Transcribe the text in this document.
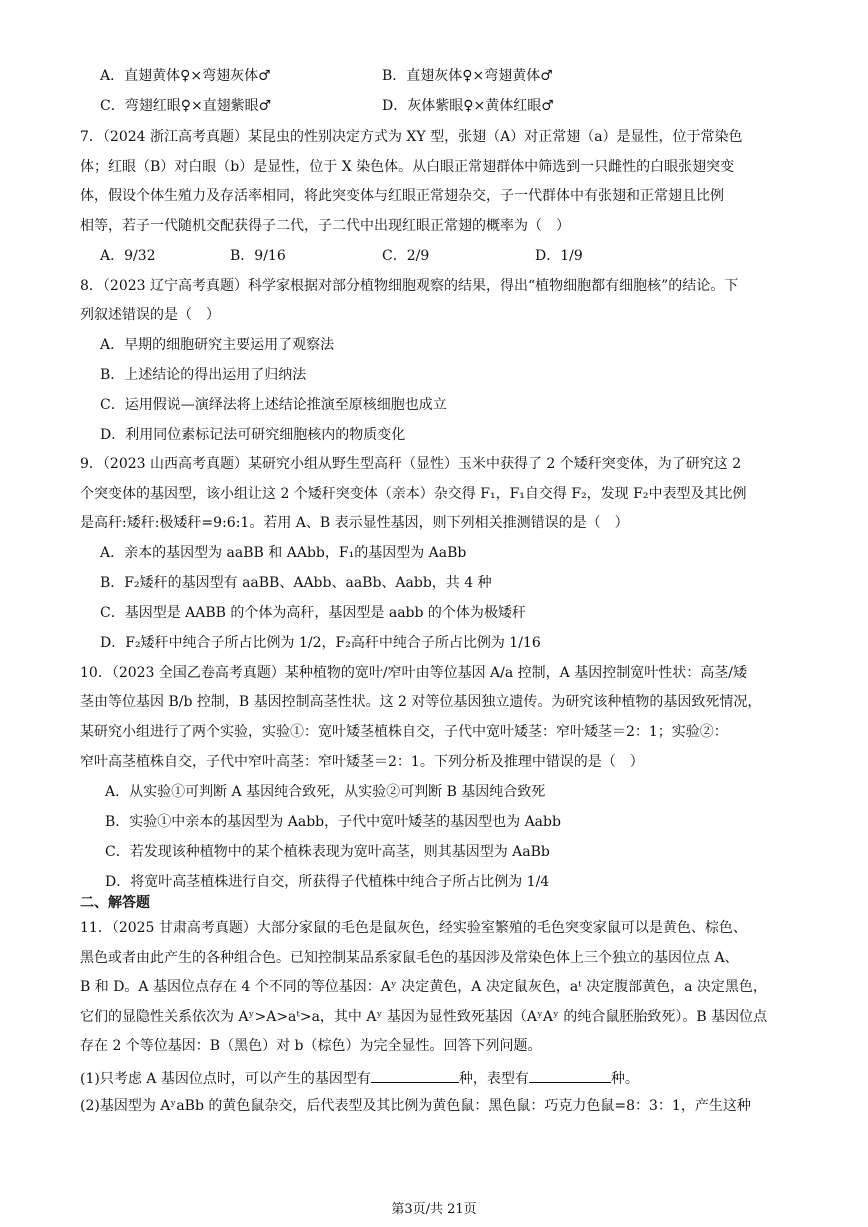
A．直翅黄体♀×弯翅灰体♂	B．直翅灰体♀×弯翅黄体♂
C．弯翅红眼♀×直翅紫眼♂	D．灰体紫眼♀×黄体红眼♂
7．（2024 浙江高考真题）某昆虫的性别决定方式为 XY 型，张翅（A）对正常翅（a）是显性，位于常染色
体；红眼（B）对白眼（b）是显性，位于 X 染色体。从白眼正常翅群体中筛选到一只雌性的白眼张翅突变
体，假设个体生殖力及存活率相同，将此突变体与红眼正常翅杂交，子一代群体中有张翅和正常翅且比例
相等，若子一代随机交配获得子二代，子二代中出现红眼正常翅的概率为（　）
A．9/32	B．9/16	C．2/9	D．1/9
8．（2023 辽宁高考真题）科学家根据对部分植物细胞观察的结果，得出“植物细胞都有细胞核”的结论。下
列叙述错误的是（　）
A．早期的细胞研究主要运用了观察法
B．上述结论的得出运用了归纳法
C．运用假说—演绎法将上述结论推演至原核细胞也成立
D．利用同位素标记法可研究细胞核内的物质变化
9．（2023 山西高考真题）某研究小组从野生型高秆（显性）玉米中获得了 2 个矮秆突变体，为了研究这 2
个突变体的基因型，该小组让这 2 个矮秆突变体（亲本）杂交得 F₁，F₁自交得 F₂，发现 F₂中表型及其比例
是高秆:矮秆:极矮秆=9:6:1。若用 A、B 表示显性基因，则下列相关推测错误的是（　）
A．亲本的基因型为 aaBB 和 AAbb，F₁的基因型为 AaBb
B．F₂矮秆的基因型有 aaBB、AAbb、aaBb、Aabb，共 4 种
C．基因型是 AABB 的个体为高秆，基因型是 aabb 的个体为极矮秆
D．F₂矮秆中纯合子所占比例为 1/2，F₂高秆中纯合子所占比例为 1/16
10．（2023 全国乙卷高考真题）某种植物的宽叶/窄叶由等位基因 A/a 控制，A 基因控制宽叶性状：高茎/矮
茎由等位基因 B/b 控制，B 基因控制高茎性状。这 2 对等位基因独立遗传。为研究该种植物的基因致死情况，
某研究小组进行了两个实验，实验①：宽叶矮茎植株自交，子代中宽叶矮茎：窄叶矮茎＝2：1；实验②：
窄叶高茎植株自交，子代中窄叶高茎：窄叶矮茎＝2：1。下列分析及推理中错误的是（　）
A．从实验①可判断 A 基因纯合致死，从实验②可判断 B 基因纯合致死
B．实验①中亲本的基因型为 Aabb，子代中宽叶矮茎的基因型也为 Aabb
C．若发现该种植物中的某个植株表现为宽叶高茎，则其基因型为 AaBb
D．将宽叶高茎植株进行自交，所获得子代植株中纯合子所占比例为 1/4
二、解答题
11．（2025 甘肃高考真题）大部分家鼠的毛色是鼠灰色，经实验室繁殖的毛色突变家鼠可以是黄色、棕色、
黑色或者由此产生的各种组合色。已知控制某品系家鼠毛色的基因涉及常染色体上三个独立的基因位点 A、
B 和 D。A 基因位点存在 4 个不同的等位基因：Aʸ 决定黄色，A 决定鼠灰色，aᵗ 决定腹部黄色，a 决定黑色，
它们的显隐性关系依次为 Aʸ>A>aᵗ>a，其中 Aʸ 基因为显性致死基因（AʸAʸ 的纯合鼠胚胎致死）。B 基因位点
存在 2 个等位基因：B（黑色）对 b（棕色）为完全显性。回答下列问题。
(1)只考虑 A 基因位点时，可以产生的基因型有	种，表型有	种。
(2)基因型为 AʸaBb 的黄色鼠杂交，后代表型及其比例为黄色鼠：黑色鼠：巧克力色鼠=8：3：1，产生这种
第3页/共 21页
